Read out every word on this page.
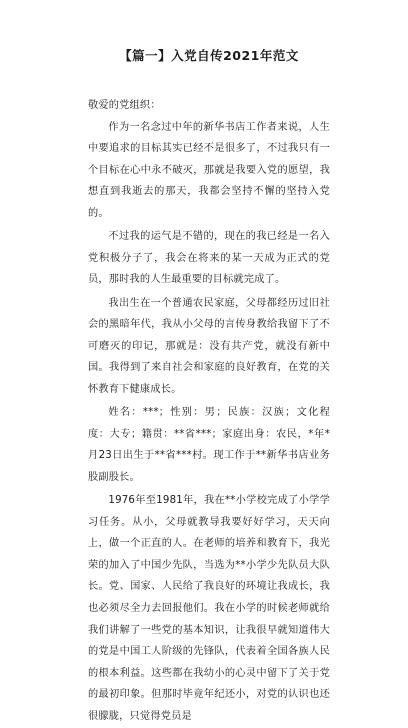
【篇一】入党自传2021年范文
敬爱的党组织：

作为一名念过中年的新华书店工作者来说，人生中要追求的目标其实已经不是很多了，不过我只有一个目标在心中永不破灭，那就是我要入党的愿望，我想直到我逝去的那天，我都会坚持不懈的坚持入党的。

不过我的运气是不错的，现在的我已经是一名入党积极分子了，我会在将来的某一天成为正式的党员，那时我的人生最重要的目标就完成了。

我出生在一个普通农民家庭，父母都经历过旧社会的黑暗年代，我从小父母的言传身教给我留下了不可磨灭的印记，那就是：没有共产党，就没有新中国。我得到了来自社会和家庭的良好教育，在党的关怀教育下健康成长。

姓名：***；性别：男；民族：汉族；文化程度：大专；籍贯：**省***；家庭出身：农民，*年*月23日出生于**省***村。现工作于**新华书店业务股副股长。

1976年至1981年，我在**小学校完成了小学学习任务。从小，父母就教导我要好好学习，天天向上，做一个正直的人。在老师的培养和教育下，我光荣的加入了中国少先队，当选为**小学少先队员大队长。党、国家、人民给了我良好的环境让我成长，我也必须尽全力去回报他们。我在小学的时候老师就给我们讲解了一些党的基本知识，让我很早就知道伟大的党是中国工人阶级的先锋队，代表着全国各族人民的根本利益。这些都在我幼小的心灵中留下了关于党的最初印象。但那时毕竟年纪还小，对党的认识也还很朦胧，只觉得党员是
